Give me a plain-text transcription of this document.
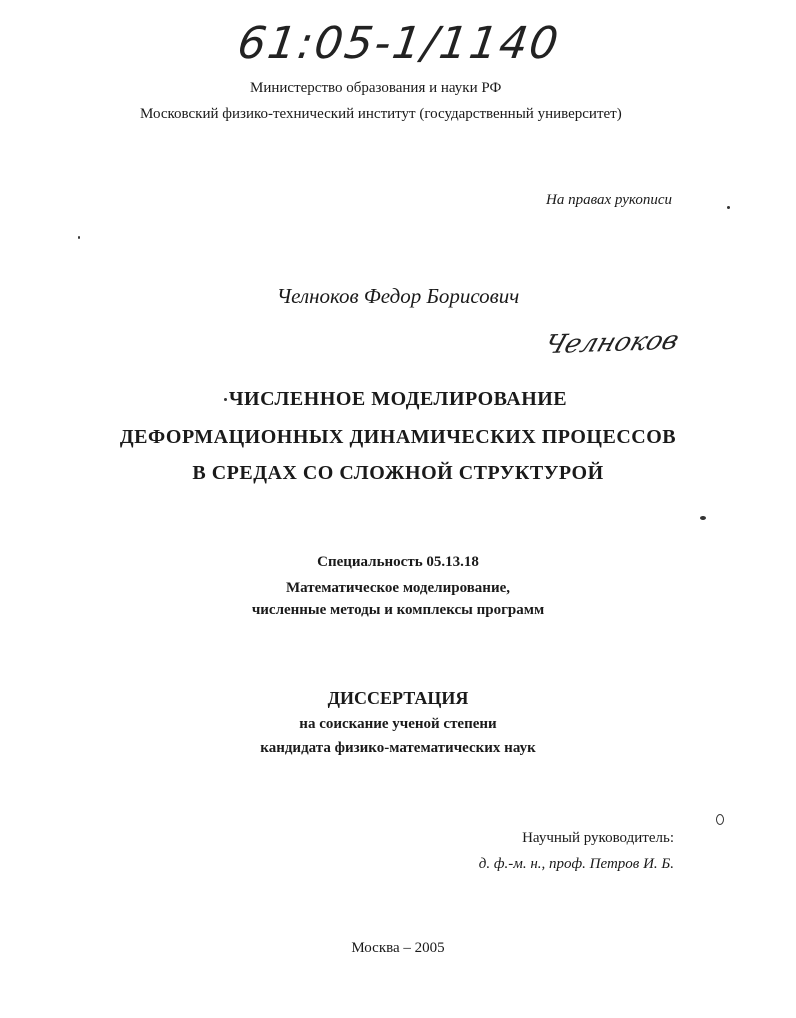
61:05-1/1140
Министерство образования и науки РФ
Московский физико-технический институт (государственный университет)
На правах рукописи
Челноков Федор Борисович
Челноков
ЧИСЛЕННОЕ МОДЕЛИРОВАНИЕ
ДЕФОРМАЦИОННЫХ ДИНАМИЧЕСКИХ ПРОЦЕССОВ
В СРЕДАХ СО СЛОЖНОЙ СТРУКТУРОЙ
Специальность 05.13.18
Математическое моделирование,
численные методы и комплексы программ
ДИССЕРТАЦИЯ
на соискание ученой степени
кандидата физико-математических наук
Научный руководитель:
д. ф.-м. н., проф. Петров И. Б.
Москва – 2005
